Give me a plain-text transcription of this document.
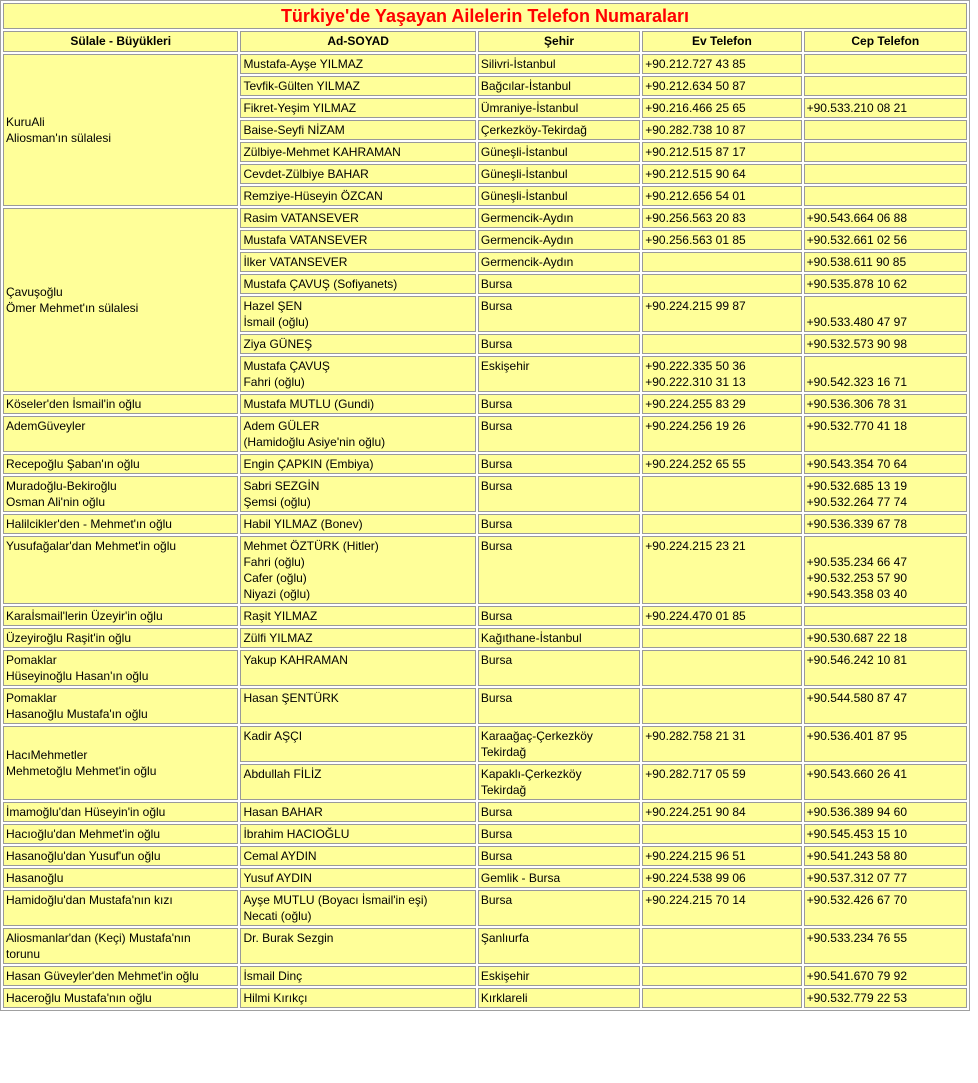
Türkiye'de Yaşayan Ailelerin Telefon Numaraları				
Sülale - Büyükleri	Ad-SOYAD	Şehir	Ev Telefon	Cep Telefon

KuruAli
Aliosman'ın sülalesi	Mustafa-Ayşe YILMAZ	Silivri-İstanbul	+90.212.727 43 85	

	Tevfik-Gülten YILMAZ	Bağcılar-İstanbul	+90.212.634 50 87	

	Fikret-Yeşim YILMAZ	Ümraniye-İstanbul	+90.216.466 25 65	+90.533.210 08 21

	Baise-Seyfi NİZAM	Çerkezköy-Tekirdağ	+90.282.738 10 87	

	Zülbiye-Mehmet KAHRAMAN	Güneşli-İstanbul	+90.212.515 87 17	

	Cevdet-Zülbiye BAHAR	Güneşli-İstanbul	+90.212.515 90 64	

	Remziye-Hüseyin ÖZCAN	Güneşli-İstanbul	+90.212.656 54 01	

Çavuşoğlu
Ömer Mehmet'ın sülalesi	Rasim VATANSEVER	Germencik-Aydın	+90.256.563 20 83	+90.543.664 06 88

	Mustafa VATANSEVER	Germencik-Aydın	+90.256.563 01 85	+90.532.661 02 56

	İlker VATANSEVER	Germencik-Aydın		+90.538.611 90 85

	Mustafa ÇAVUŞ (Sofiyanets)	Bursa		+90.535.878 10 62

	Hazel ŞEN
İsmail (oğlu)	Bursa	+90.224.215 99 87	+90.533.480 47 97

	Ziya GÜNEŞ	Bursa		+90.532.573 90 98

	Mustafa ÇAVUŞ
Fahri (oğlu)	Eskişehir	+90.222.335 50 36
+90.222.310 31 13	+90.542.323 16 71

Köseler'den İsmail'in oğlu	Mustafa MUTLU (Gundi)	Bursa	+90.224.255 83 29	+90.536.306 78 31

AdemGüveyler	Adem GÜLER
(Hamidoğlu Asiye'nin oğlu)	Bursa	+90.224.256 19 26	+90.532.770 41 18

Recepoğlu Şaban'ın oğlu	Engin ÇAPKIN (Embiya)	Bursa	+90.224.252 65 55	+90.543.354 70 64

Muradoğlu-Bekiroğlu
Osman Ali'nin oğlu	Sabri SEZGİN
Şemsi (oğlu)	Bursa		+90.532.685 13 19
+90.532.264 77 74

Halilcikler'den - Mehmet'ın oğlu	Habil YILMAZ (Bonev)	Bursa		+90.536.339 67 78

Yusufağalar'dan Mehmet'in oğlu	Mehmet ÖZTÜRK (Hitler)
Fahri (oğlu)
Cafer (oğlu)
Niyazi (oğlu)	Bursa	+90.224.215 23 21	+90.535.234 66 47
+90.532.253 57 90
+90.543.358 03 40

Karaİsmail'lerin Üzeyir'in oğlu	Raşit YILMAZ	Bursa	+90.224.470 01 85	

Üzeyiroğlu Raşit'in oğlu	Zülfi YILMAZ	Kağıthane-İstanbul		+90.530.687 22 18

Pomaklar
Hüseyinoğlu Hasan'ın oğlu	Yakup KAHRAMAN	Bursa		+90.546.242 10 81

Pomaklar
Hasanoğlu Mustafa'ın oğlu	Hasan ŞENTÜRK	Bursa		+90.544.580 87 47

HacıMehmetler
Mehmetoğlu Mehmet'in oğlu	Kadir AŞÇI	Karaağaç-Çerkezköy
Tekirdağ	+90.282.758 21 31	+90.536.401 87 95

	Abdullah FİLİZ	Kapaklı-Çerkezköy
Tekirdağ	+90.282.717 05 59	+90.543.660 26 41

İmamoğlu'dan Hüseyin'in oğlu	Hasan BAHAR	Bursa	+90.224.251 90 84	+90.536.389 94 60

Hacıoğlu'dan Mehmet'in oğlu	İbrahim HACIOĞLU	Bursa		+90.545.453 15 10

Hasanoğlu'dan Yusuf'un oğlu	Cemal AYDIN	Bursa	+90.224.215 96 51	+90.541.243 58 80

Hasanoğlu	Yusuf AYDIN	Gemlik - Bursa	+90.224.538 99 06	+90.537.312 07 77

Hamidoğlu'dan Mustafa'nın kızı	Ayşe MUTLU (Boyacı İsmail'in eşi)
Necati (oğlu)	Bursa	+90.224.215 70 14	+90.532.426 67 70

Aliosmanlar'dan (Keçi) Mustafa'nın
torunu	Dr. Burak Sezgin	Şanlıurfa		+90.533.234 76 55

Hasan Güveyler'den Mehmet'in oğlu	İsmail Dinç	Eskişehir		+90.541.670 79 92

Haceroğlu Mustafa'nın oğlu	Hilmi Kırıkçı	Kırklareli		+90.532.779 22 53
